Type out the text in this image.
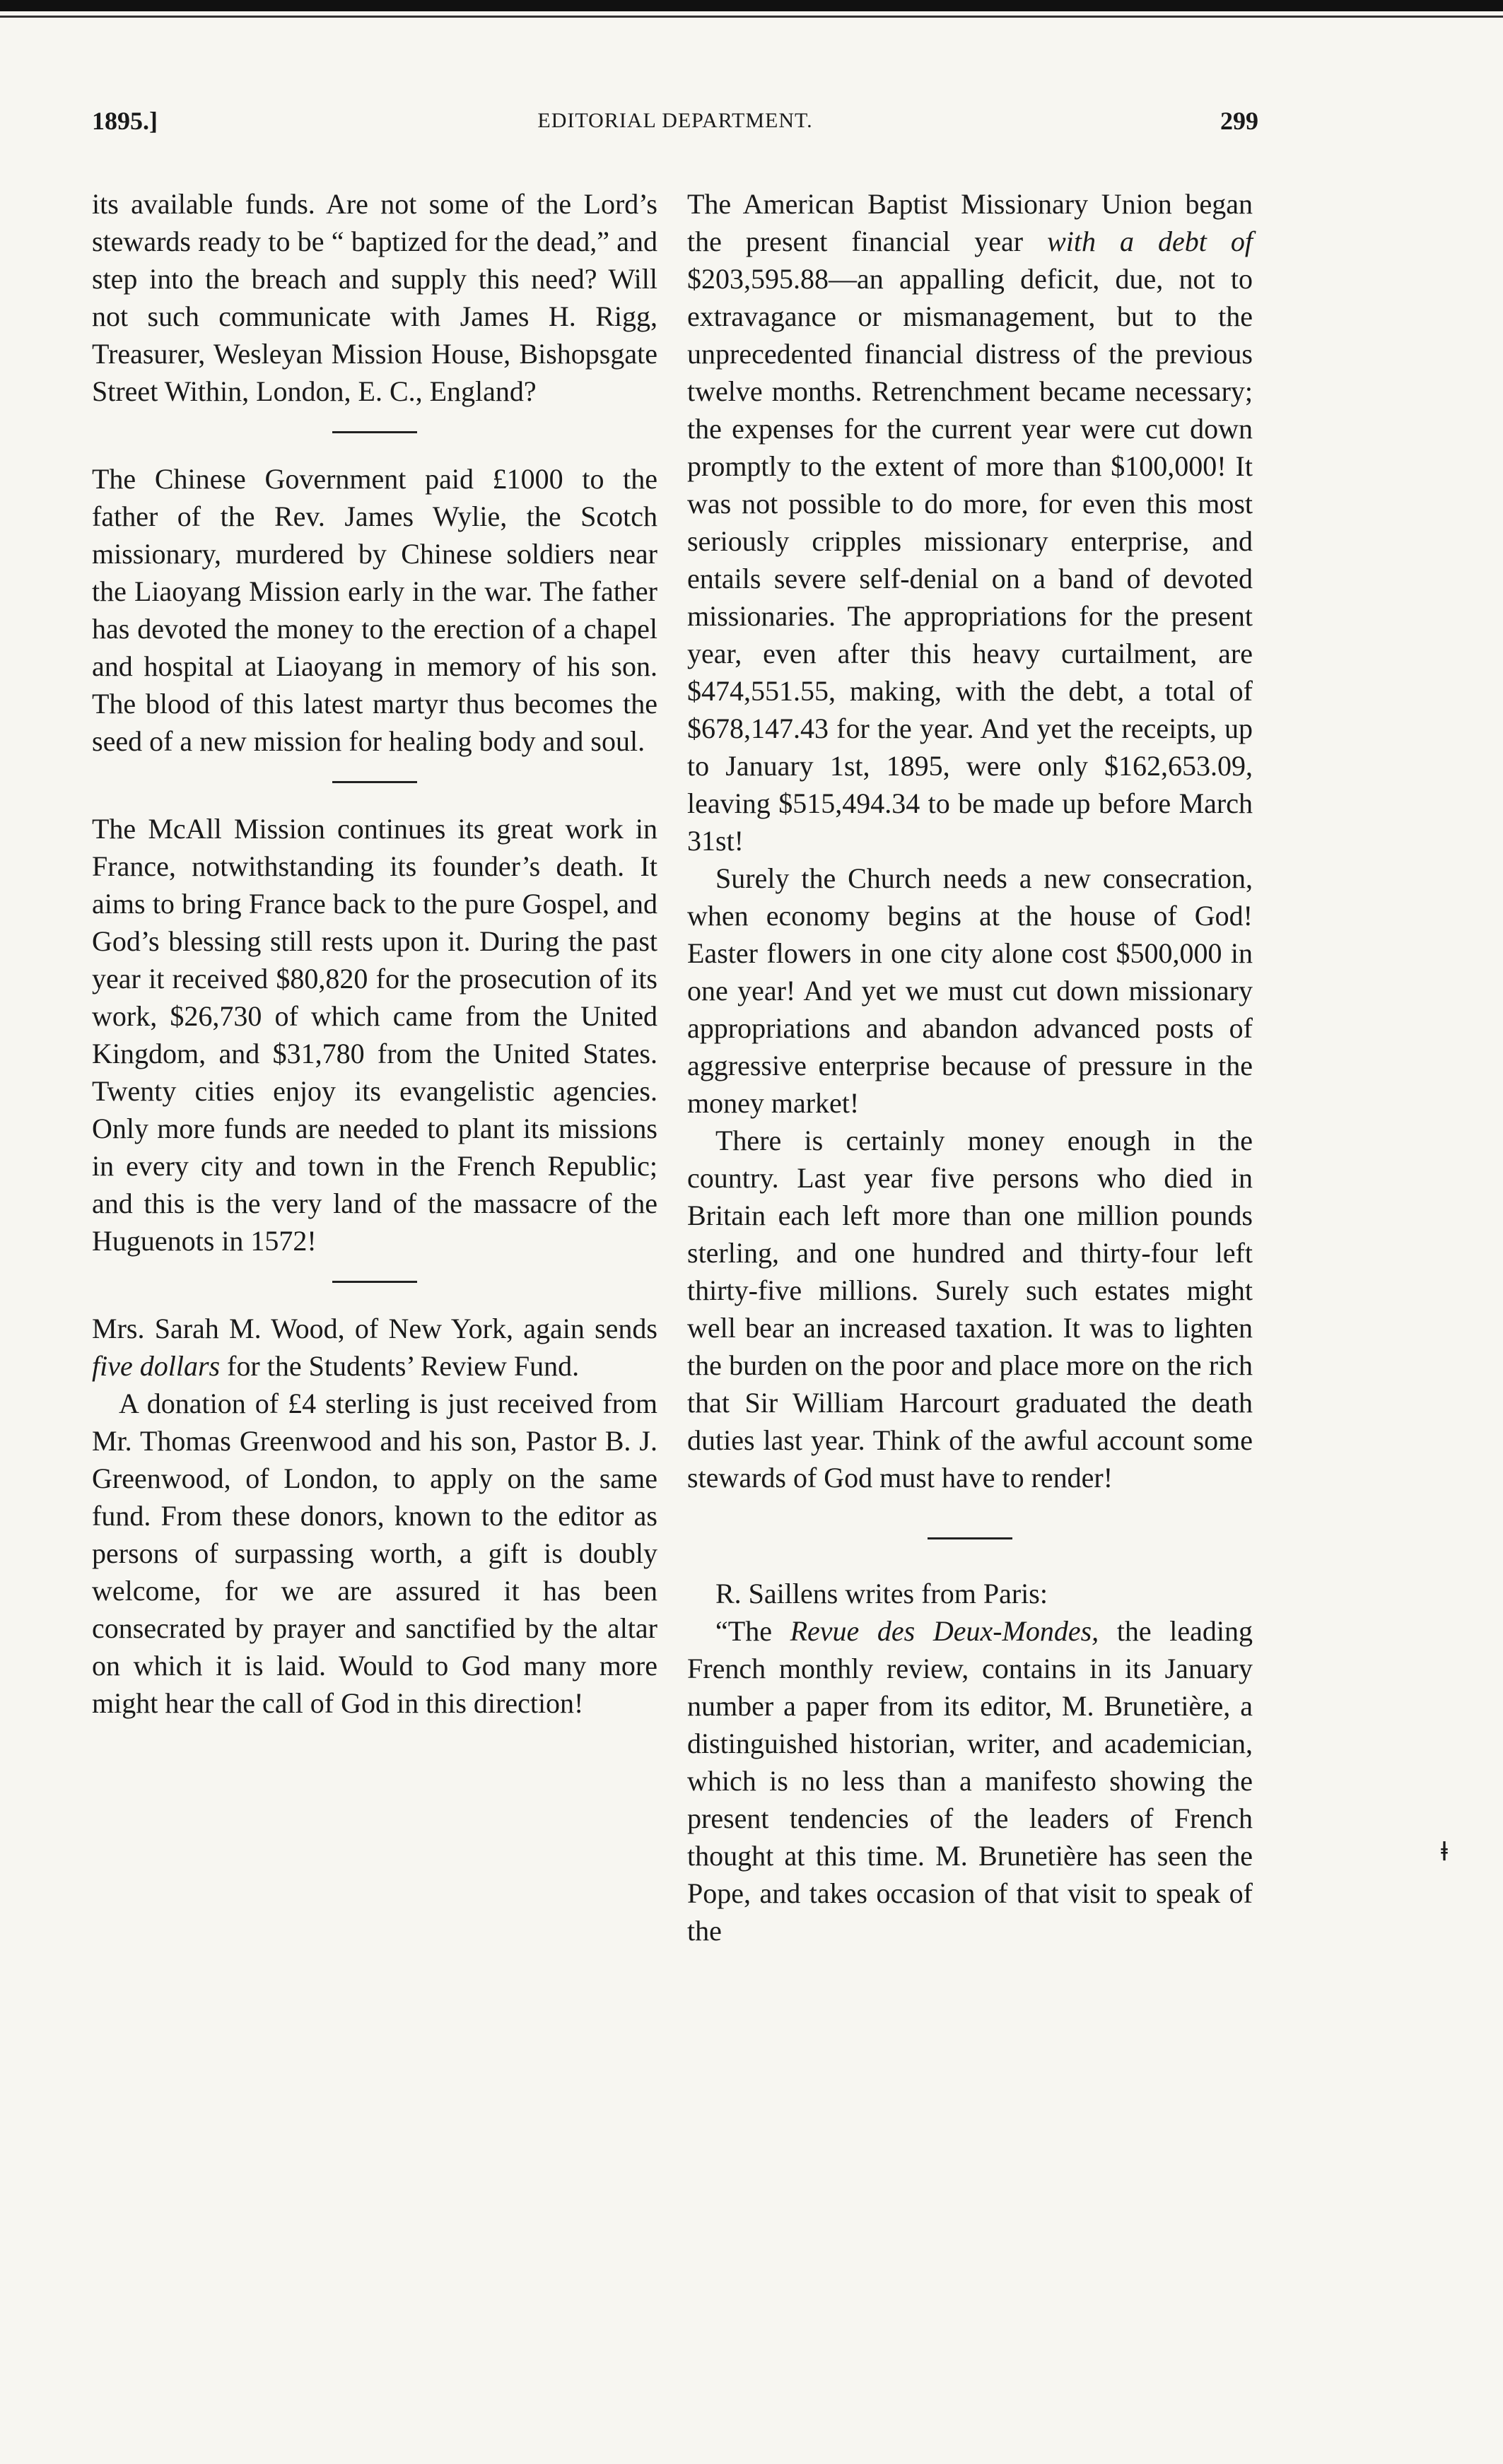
1895.]	EDITORIAL DEPARTMENT.	299

its available funds. Are not some of the Lord’s stewards ready to be “ baptized for the dead,” and step into the breach and supply this need? Will not such communicate with James H. Rigg, Treasurer, Wesleyan Mission House, Bishopsgate Street Within, London, E. C., England?

The Chinese Government paid £1000 to the father of the Rev. James Wylie, the Scotch missionary, murdered by Chinese soldiers near the Liaoyang Mission early in the war. The father has devoted the money to the erection of a chapel and hospital at Liaoyang in memory of his son. The blood of this latest martyr thus becomes the seed of a new mission for healing body and soul.

The McAll Mission continues its great work in France, notwithstanding its founder’s death. It aims to bring France back to the pure Gospel, and God’s blessing still rests upon it. During the past year it received $80,820 for the prosecution of its work, $26,730 of which came from the United Kingdom, and $31,780 from the United States. Twenty cities enjoy its evangelistic agencies. Only more funds are needed to plant its missions in every city and town in the French Republic; and this is the very land of the massacre of the Huguenots in 1572!

Mrs. Sarah M. Wood, of New York, again sends five dollars for the Students’ Review Fund.

A donation of £4 sterling is just received from Mr. Thomas Greenwood and his son, Pastor B. J. Greenwood, of London, to apply on the same fund. From these donors, known to the editor as persons of surpassing worth, a gift is doubly welcome, for we are assured it has been consecrated by prayer and sanctified by the altar on which it is laid. Would to God many more might hear the call of God in this direction!

The American Baptist Missionary Union began the present financial year with a debt of $203,595.88—an appalling deficit, due, not to extravagance or mismanagement, but to the unprecedented financial distress of the previous twelve months. Retrenchment became necessary; the expenses for the current year were cut down promptly to the extent of more than $100,000! It was not possible to do more, for even this most seriously cripples missionary enterprise, and entails severe self-denial on a band of devoted missionaries. The appropriations for the present year, even after this heavy curtailment, are $474,551.55, making, with the debt, a total of $678,147.43 for the year. And yet the receipts, up to January 1st, 1895, were only $162,653.09, leaving $515,494.34 to be made up before March 31st!

Surely the Church needs a new consecration, when economy begins at the house of God! Easter flowers in one city alone cost $500,000 in one year! And yet we must cut down missionary appropriations and abandon advanced posts of aggressive enterprise because of pressure in the money market!

There is certainly money enough in the country. Last year five persons who died in Britain each left more than one million pounds sterling, and one hundred and thirty-four left thirty-five millions. Surely such estates might well bear an increased taxation. It was to lighten the burden on the poor and place more on the rich that Sir William Harcourt graduated the death duties last year. Think of the awful account some stewards of God must have to render!

R. Saillens writes from Paris:

“The Revue des Deux-Mondes, the leading French monthly review, contains in its January number a paper from its editor, M. Brunetière, a distinguished historian, writer, and academician, which is no less than a manifesto showing the present tendencies of the leaders of French thought at this time. M. Brunetière has seen the Pope, and takes occasion of that visit to speak of the

ⱡ
